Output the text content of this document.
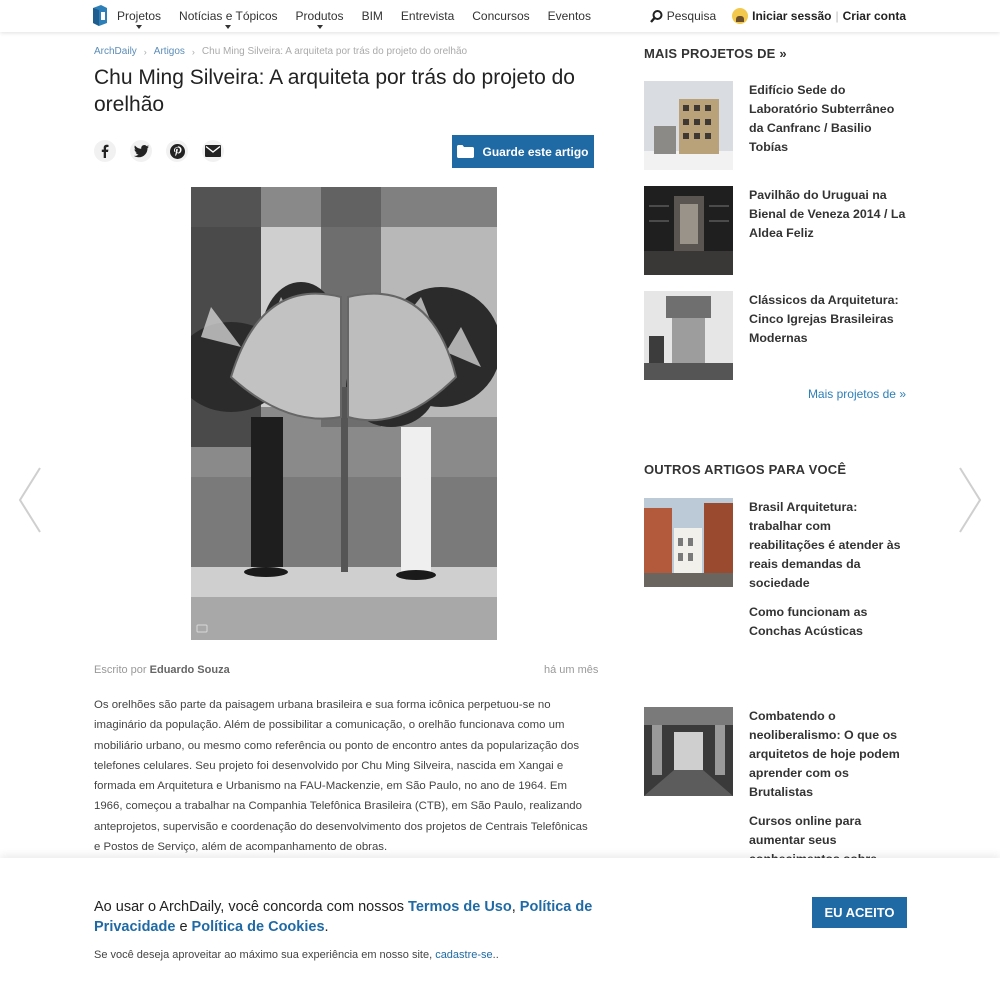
Projetos Notícias e Tópicos Produtos BIM Entrevista Concursos Eventos	Pesquisa	Iniciar sessão | Criar conta
ArchDaily › Artigos › Chu Ming Silveira: A arquiteta por trás do projeto do orelhão
Chu Ming Silveira: A arquiteta por trás do projeto do orelhão
Guarde este artigo
Escrito por Eduardo Souza	há um mês

Os orelhões são parte da paisagem urbana brasileira e sua forma icônica perpetuou-se no imaginário da população. Além de possibilitar a comunicação, o orelhão funcionava como um mobiliário urbano, ou mesmo como referência ou ponto de encontro antes da popularização dos telefones celulares. Seu projeto foi desenvolvido por Chu Ming Silveira, nascida em Xangai e formada em Arquitetura e Urbanismo na FAU-Mackenzie, em São Paulo, no ano de 1964. Em 1966, começou a trabalhar na Companhia Telefônica Brasileira (CTB), em São Paulo, realizando anteprojetos, supervisão e coordenação do desenvolvimento dos projetos de Centrais Telefônicas e Postos de Serviço, além de acompanhamento de obras.

MAIS PROJETOS DE »
Edifício Sede do Laboratório Subterrâneo da Canfranc / Basilio Tobías
Pavilhão do Uruguai na Bienal de Veneza 2014 / La Aldea Feliz
Clássicos da Arquitetura: Cinco Igrejas Brasileiras Modernas
Mais projetos de »
OUTROS ARTIGOS PARA VOCÊ
Brasil Arquitetura: trabalhar com reabilitações é atender às reais demandas da sociedade
Como funcionam as Conchas Acústicas
Combatendo o neoliberalismo: O que os arquitetos de hoje podem aprender com os Brutalistas
Cursos online para aumentar seus
Ao usar o ArchDaily, você concorda com nossos Termos de Uso, Política de Privacidade e Política de Cookies.
Se você deseja aproveitar ao máximo sua experiência em nosso site, cadastre-se..
EU ACEITO
